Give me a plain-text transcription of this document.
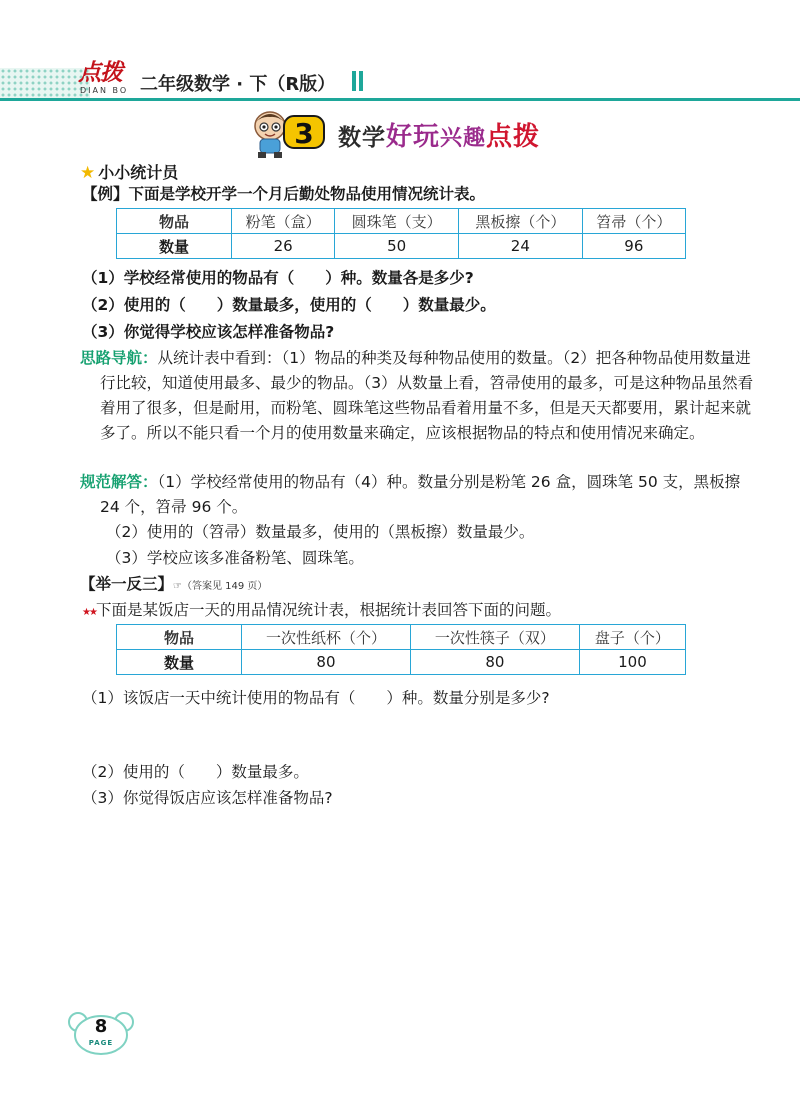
点拨
DIAN BO 二年级数学 · 下（R版）
3 数学好玩兴趣点拨
★ 小小统计员
【例】下面是学校开学一个月后勤处物品使用情况统计表。
物品	粉笔（盒）	圆珠笔（支）	黑板擦（个）	笤帚（个）
数量	26	50	24	96
（1）学校经常使用的物品有（　　）种。数量各是多少?
（2）使用的（　　）数量最多，使用的（　　）数量最少。
（3）你觉得学校应该怎样准备物品?
思路导航：从统计表中看到：（1）物品的种类及每种物品使用的数量。（2）把各种物品使用数量进行比较，知道使用最多、最少的物品。（3）从数量上看，笤帚使用的最多，可是这种物品虽然看着用了很多，但是耐用，而粉笔、圆珠笔这些物品看着用量不多，但是天天都要用，累计起来就多了。所以不能只看一个月的使用数量来确定，应该根据物品的特点和使用情况来确定。
规范解答：（1）学校经常使用的物品有（4）种。数量分别是粉笔 26 盒，圆珠笔 50 支，黑板擦 24 个，笤帚 96 个。
（2）使用的（笤帚）数量最多，使用的（黑板擦）数量最少。
（3）学校应该多准备粉笔、圆珠笔。
【举一反三】☞（答案见 149 页）
★★下面是某饭店一天的用品情况统计表，根据统计表回答下面的问题。
物品	一次性纸杯（个）	一次性筷子（双）	盘子（个）
数量	80	80	100
（1）该饭店一天中统计使用的物品有（　　）种。数量分别是多少?
（2）使用的（　　）数量最多。
（3）你觉得饭店应该怎样准备物品?
8
PAGE
